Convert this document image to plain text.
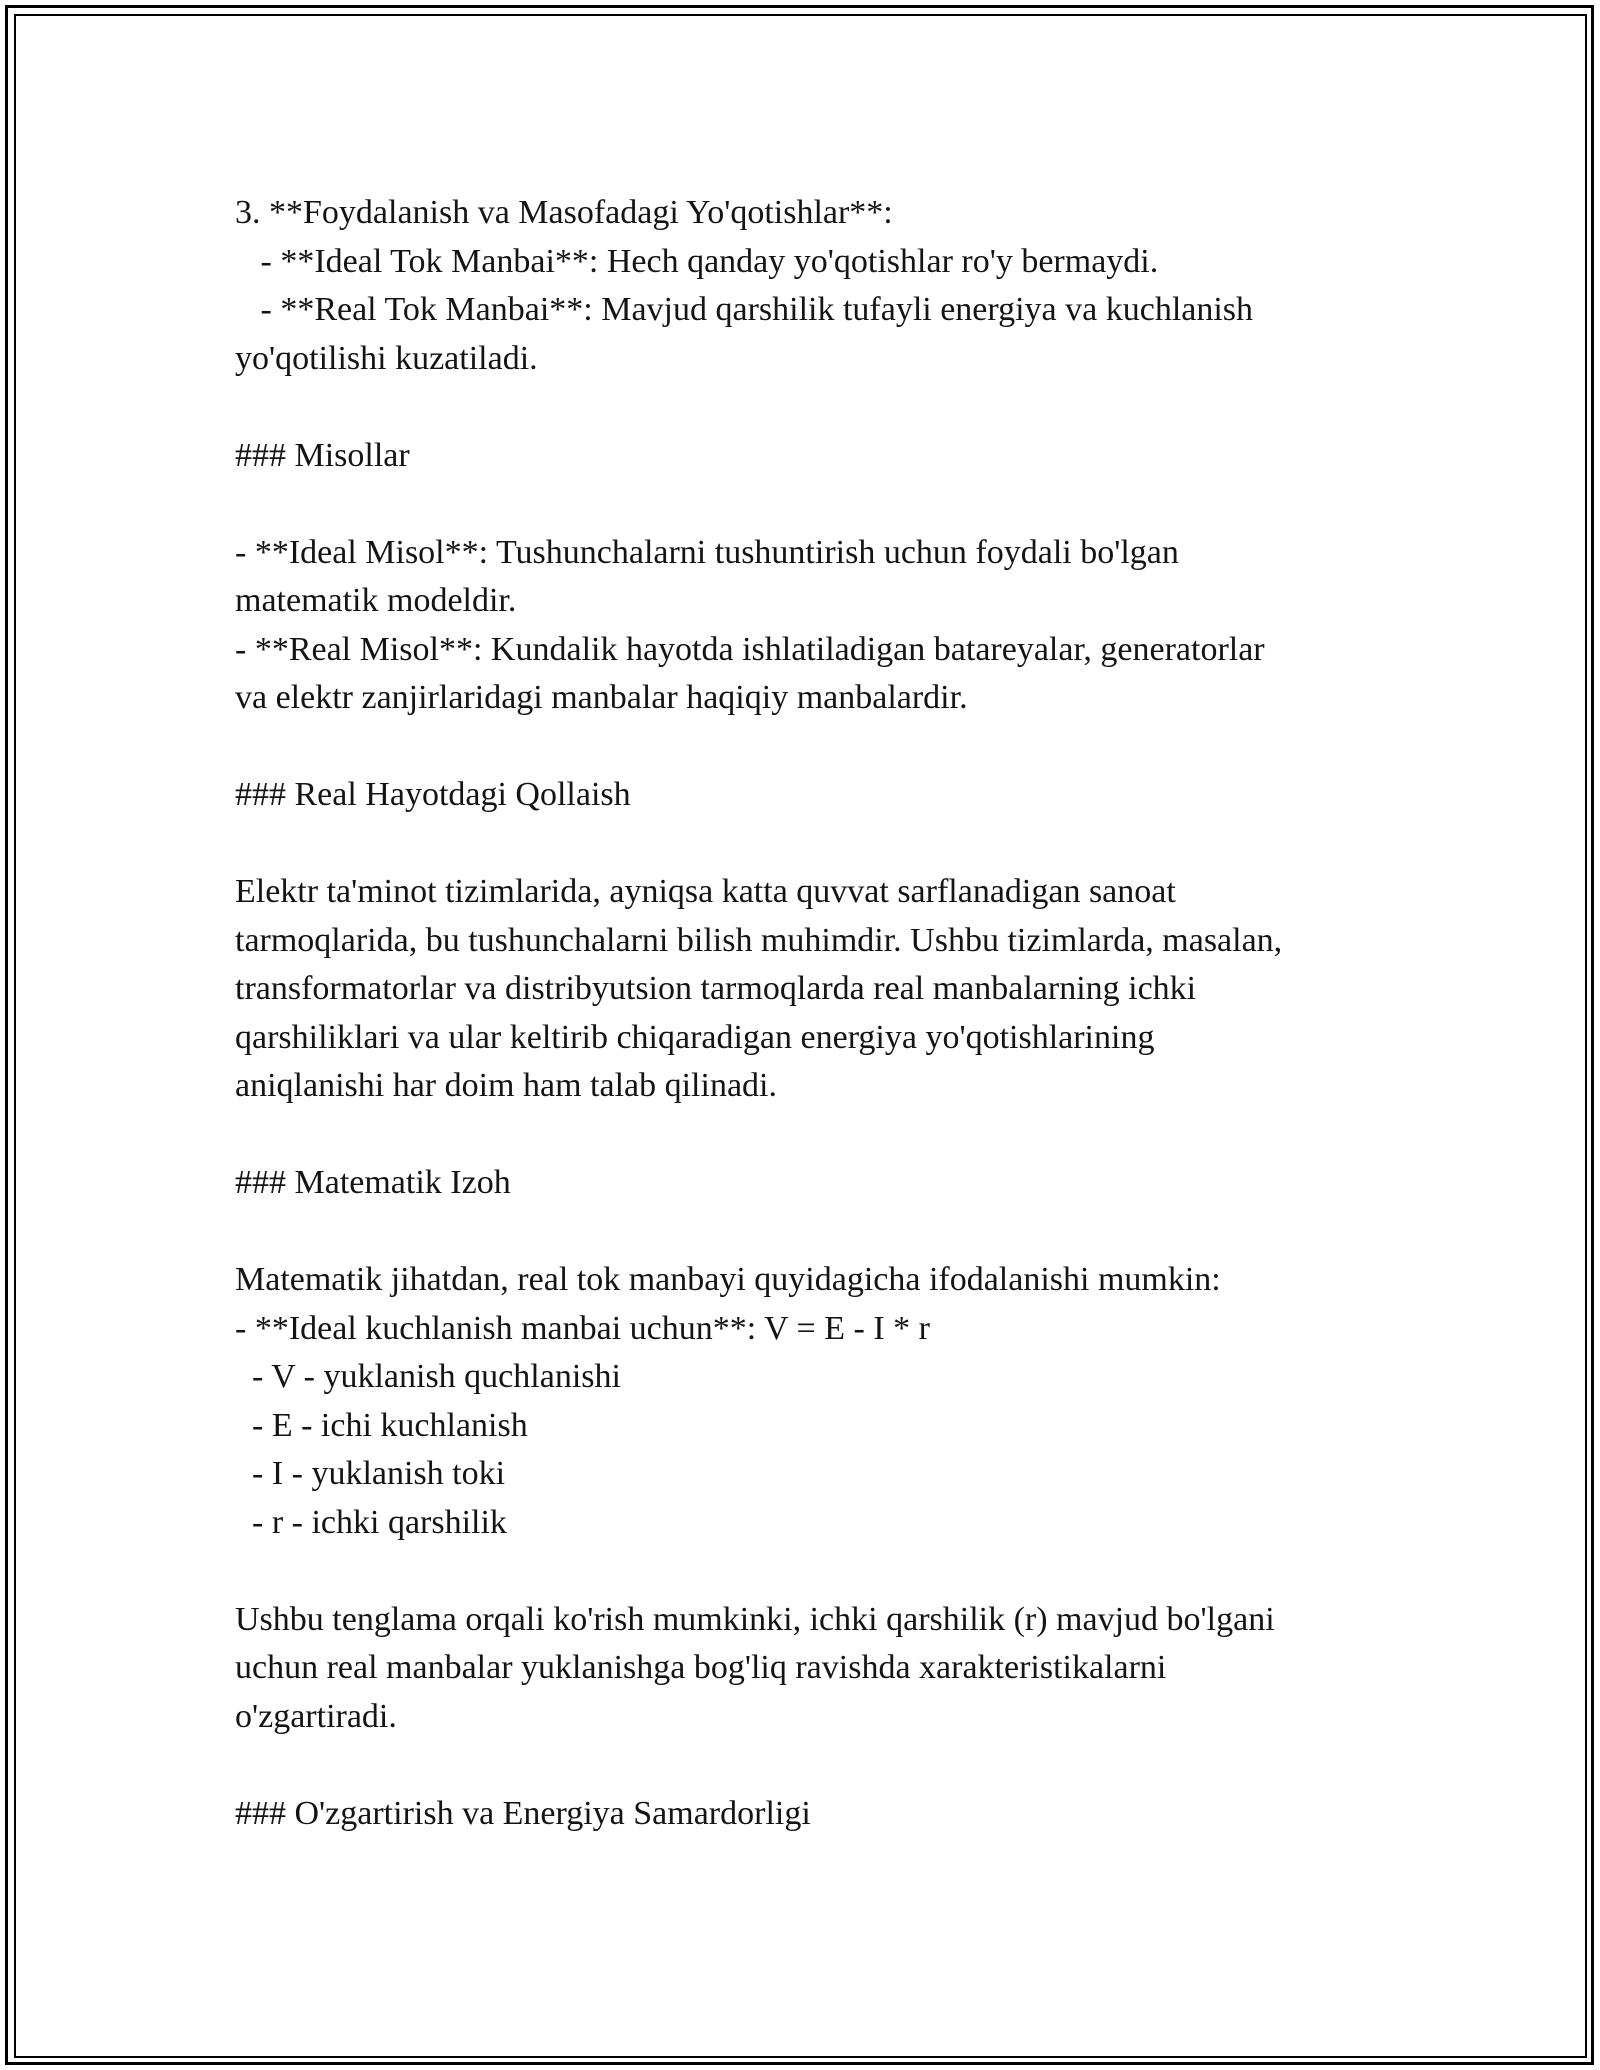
3. **Foydalanish va Masofadagi Yo'qotishlar**:
- **Ideal Tok Manbai**: Hech qanday yo'qotishlar ro'y bermaydi.
- **Real Tok Manbai**: Mavjud qarshilik tufayli energiya va kuchlanish
yo'qotilishi kuzatiladi.
### Misollar
- **Ideal Misol**: Tushunchalarni tushuntirish uchun foydali bo'lgan
matematik modeldir.
- **Real Misol**: Kundalik hayotda ishlatiladigan batareyalar, generatorlar
va elektr zanjirlaridagi manbalar haqiqiy manbalardir.
### Real Hayotdagi Qollaish
Elektr ta'minot tizimlarida, ayniqsa katta quvvat sarflanadigan sanoat
tarmoqlarida, bu tushunchalarni bilish muhimdir. Ushbu tizimlarda, masalan,
transformatorlar va distribyutsion tarmoqlarda real manbalarning ichki
qarshiliklari va ular keltirib chiqaradigan energiya yo'qotishlarining
aniqlanishi har doim ham talab qilinadi.
### Matematik Izoh
Matematik jihatdan, real tok manbayi quyidagicha ifodalanishi mumkin:
- **Ideal kuchlanish manbai uchun**: V = E - I * r
- V - yuklanish quchlanishi
- E - ichi kuchlanish
- I - yuklanish toki
- r - ichki qarshilik
Ushbu tenglama orqali ko'rish mumkinki, ichki qarshilik (r) mavjud bo'lgani
uchun real manbalar yuklanishga bog'liq ravishda xarakteristikalarni
o'zgartiradi.
### O'zgartirish va Energiya Samardorligi
